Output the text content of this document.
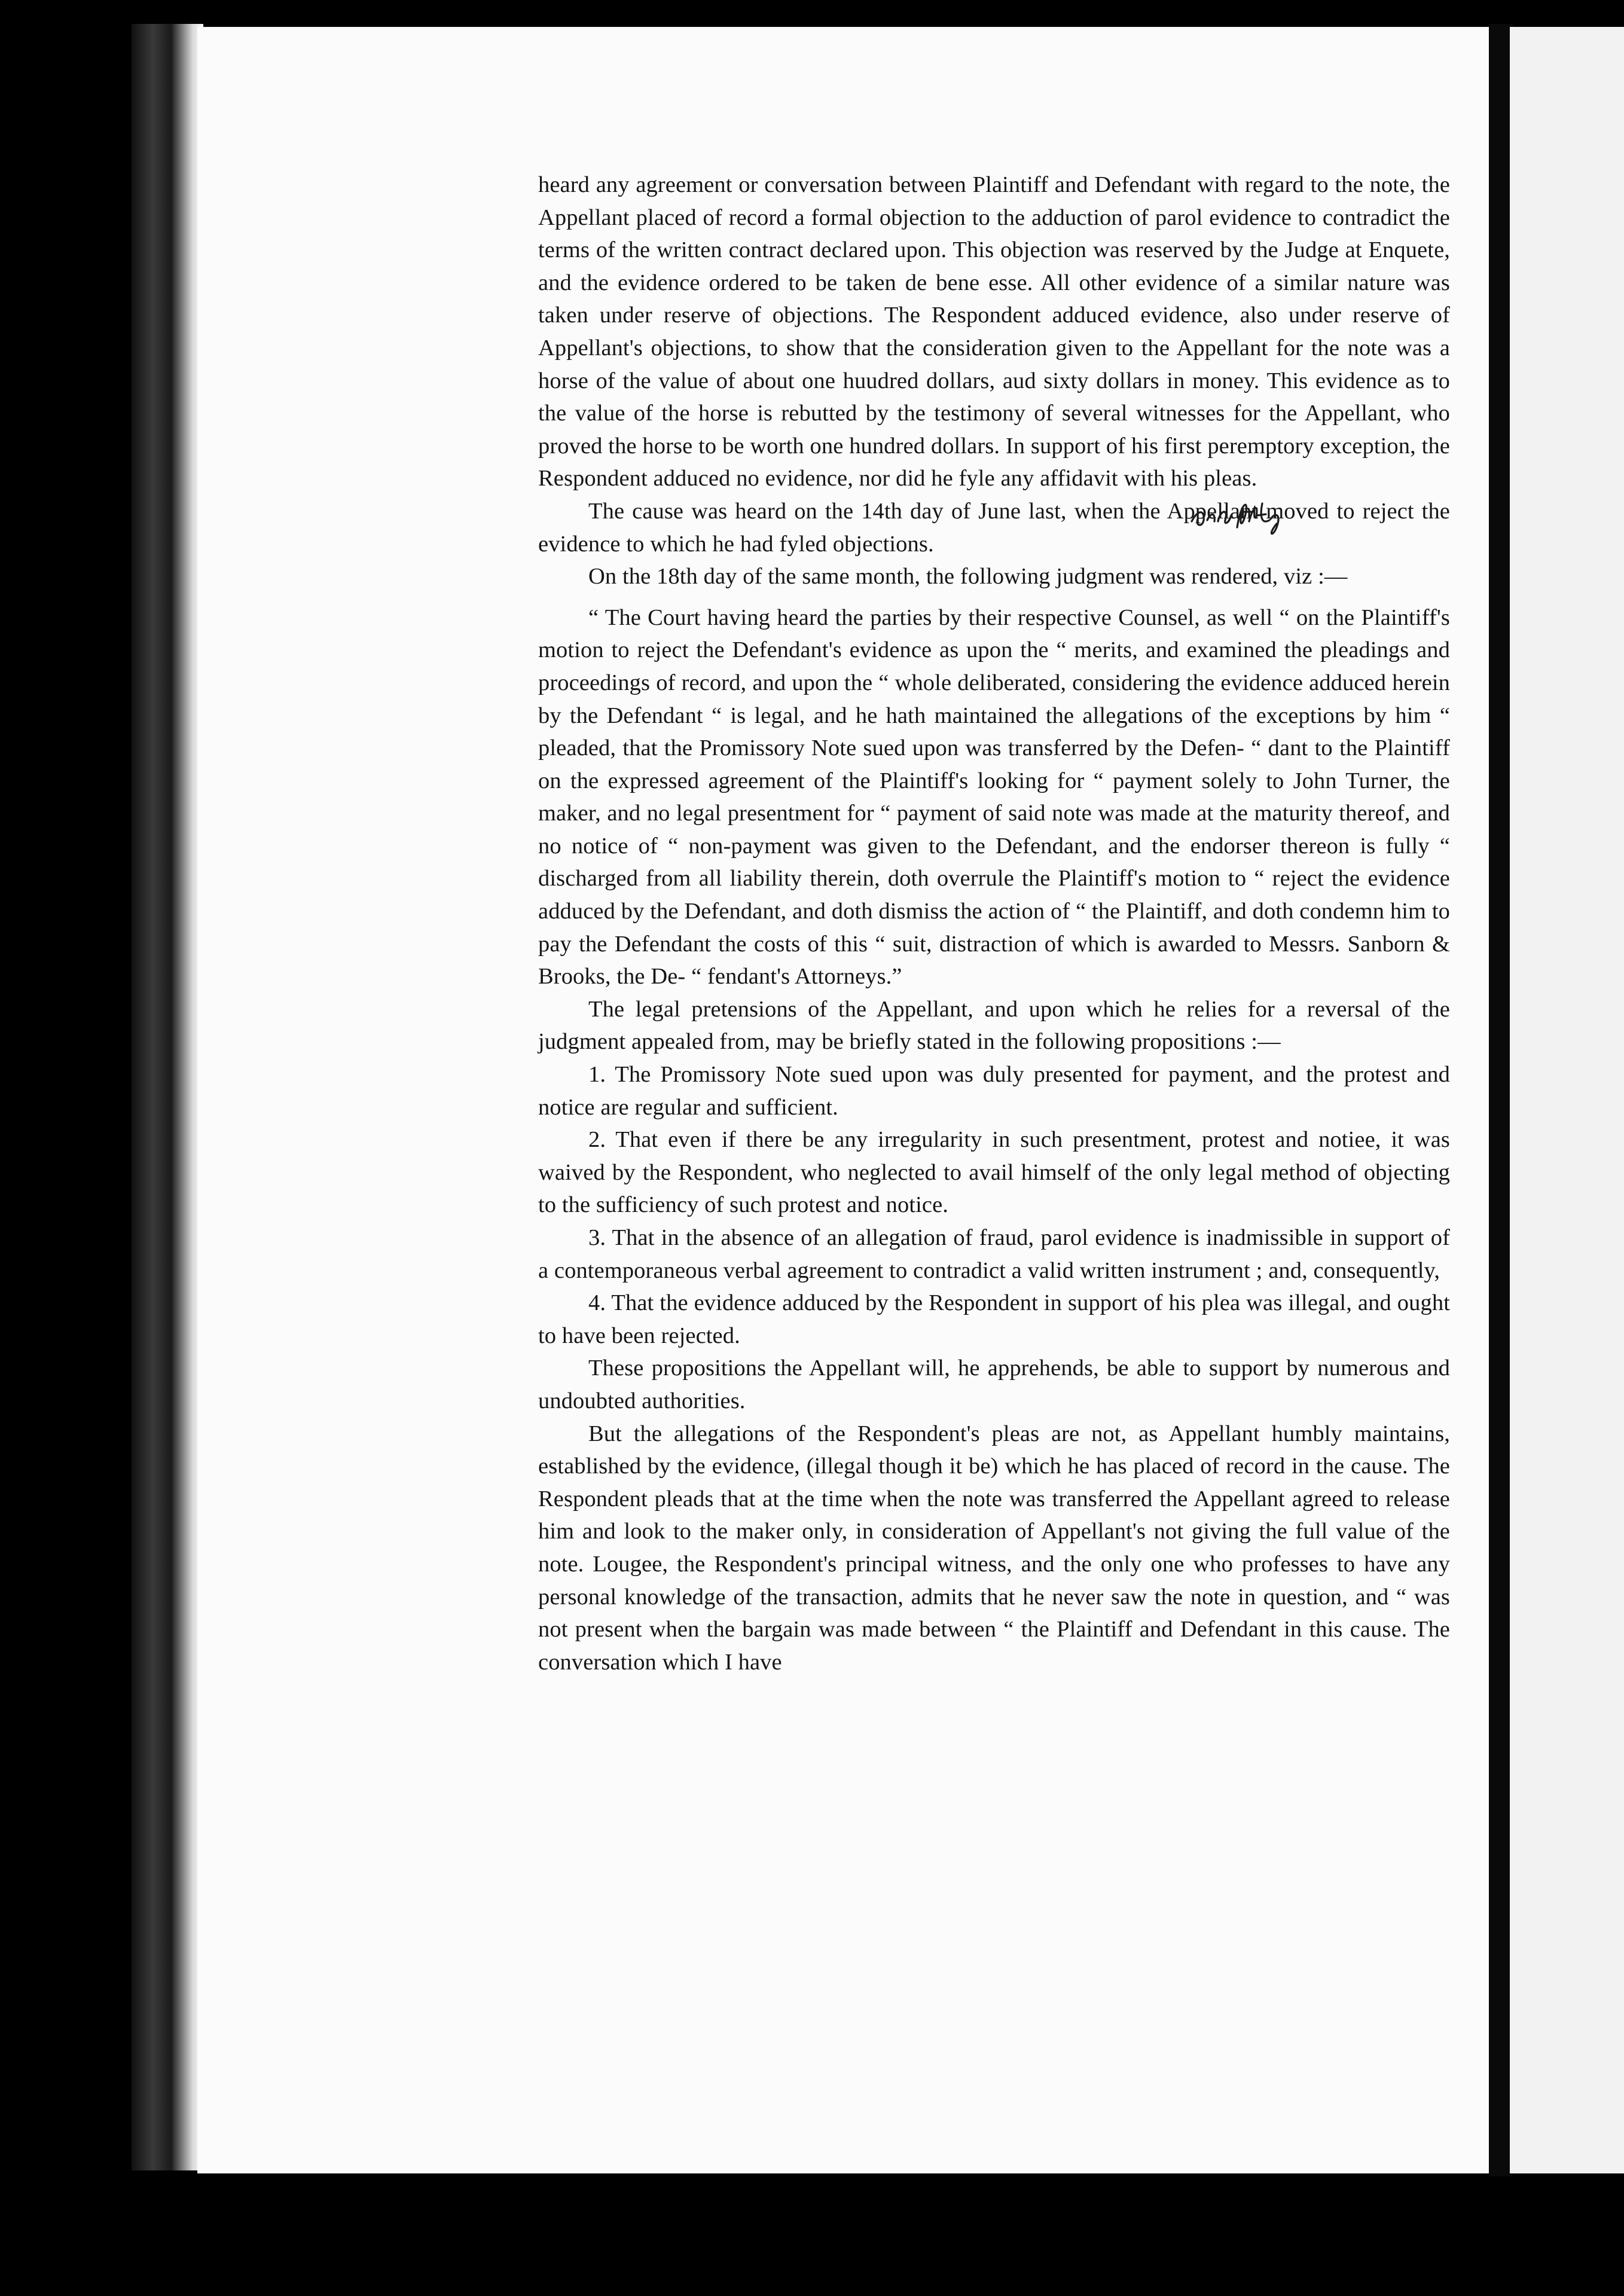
heard any agreement or conversation between Plaintiff and Defendant with regard to the note, the Appellant placed of record a formal objection to the adduction of parol evidence to contradict the terms of the written contract declared upon. This objection was reserved by the Judge at Enquete, and the evidence ordered to be taken de bene esse. All other evidence of a similar nature was taken under reserve of objections. The Respondent adduced evidence, also under reserve of Appellant's objections, to show that the consideration given to the Appellant for the note was a horse of the value of about one huudred dollars, aud sixty dollars in money. This evidence as to the value of the horse is rebutted by the testimony of several witnesses for the Appellant, who proved the horse to be worth one hundred dollars. In support of his first peremptory exception, the Respondent adduced no evidence, nor did he fyle any affidavit with his pleas.

The cause was heard on the 14th day of June last, when the Appellant moved to reject the evidence to which he had fyled objections.

On the 18th day of the same month, the following judgment was rendered, viz :—

“ The Court having heard the parties by their respective Counsel, as well “ on the Plaintiff's motion to reject the Defendant's evidence as upon the “ merits, and examined the pleadings and proceedings of record, and upon the “ whole deliberated, considering the evidence adduced herein by the Defendant “ is legal, and he hath maintained the allegations of the exceptions by him “ pleaded, that the Promissory Note sued upon was transferred by the Defen- “ dant to the Plaintiff on the expressed agreement of the Plaintiff's looking for “ payment solely to John Turner, the maker, and no legal presentment for “ payment of said note was made at the maturity thereof, and no notice of “ non-payment was given to the Defendant, and the endorser thereon is fully “ discharged from all liability therein, doth overrule the Plaintiff's motion to “ reject the evidence adduced by the Defendant, and doth dismiss the action of “ the Plaintiff, and doth condemn him to pay the Defendant the costs of this “ suit, distraction of which is awarded to Messrs. Sanborn & Brooks, the De- “ fendant's Attorneys.”

The legal pretensions of the Appellant, and upon which he relies for a reversal of the judgment appealed from, may be briefly stated in the following propositions :—

1. The Promissory Note sued upon was duly presented for payment, and the protest and notice are regular and sufficient.

2. That even if there be any irregularity in such presentment, protest and notiee, it was waived by the Respondent, who neglected to avail himself of the only legal method of objecting to the sufficiency of such protest and notice.

3. That in the absence of an allegation of fraud, parol evidence is inadmissible in support of a contemporaneous verbal agreement to contradict a valid written instrument ; and, consequently,

4. That the evidence adduced by the Respondent in support of his plea was illegal, and ought to have been rejected.

These propositions the Appellant will, he apprehends, be able to support by numerous and undoubted authorities.

But the allegations of the Respondent's pleas are not, as Appellant humbly maintains, established by the evidence, (illegal though it be) which he has placed of record in the cause. The Respondent pleads that at the time when the note was transferred the Appellant agreed to release him and look to the maker only, in consideration of Appellant's not giving the full value of the note. Lougee, the Respondent's principal witness, and the only one who professes to have any personal knowledge of the transaction, admits that he never saw the note in question, and “ was not present when the bargain was made between “ the Plaintiff and Defendant in this cause. The conversation which I have
